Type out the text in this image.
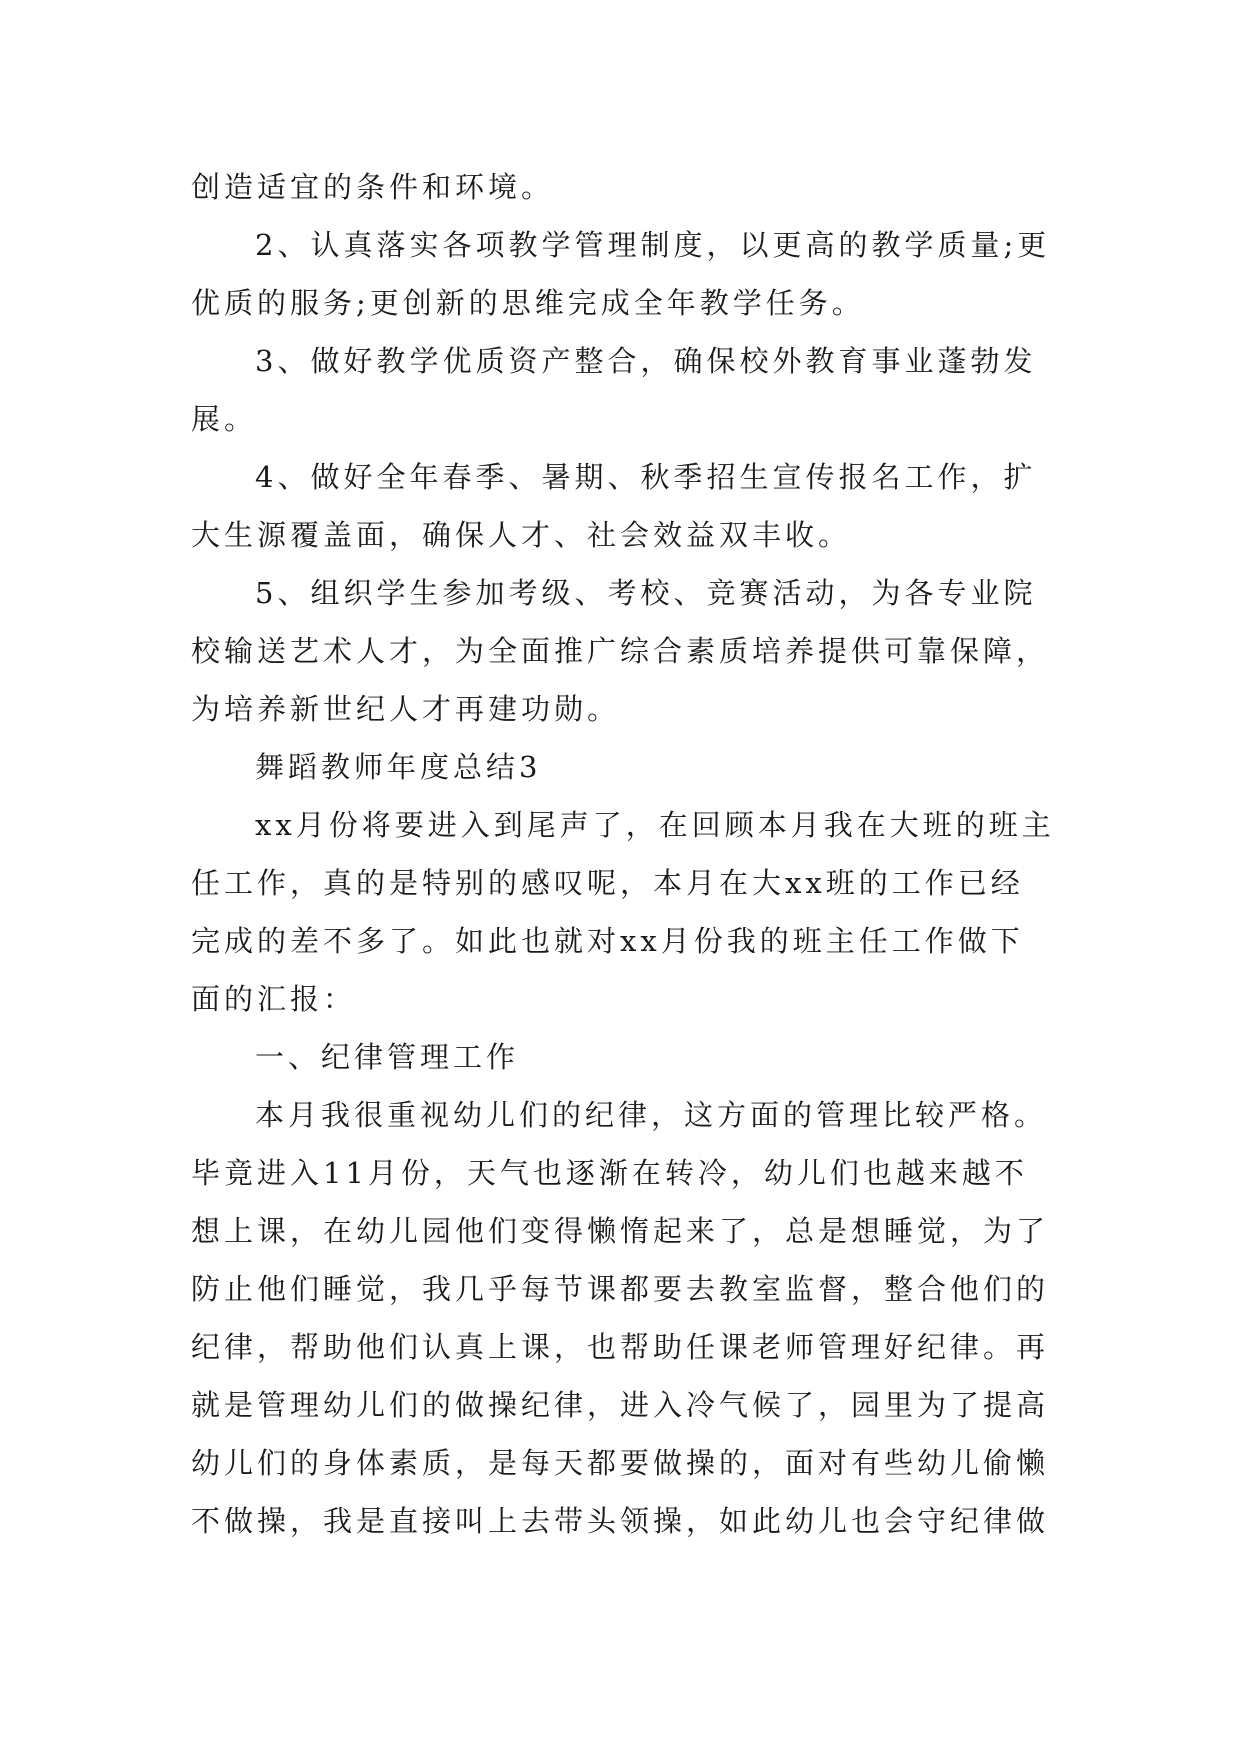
创造适宜的条件和环境。
2、认真落实各项教学管理制度，以更高的教学质量;更
优质的服务;更创新的思维完成全年教学任务。
3、做好教学优质资产整合，确保校外教育事业蓬勃发
展。
4、做好全年春季、暑期、秋季招生宣传报名工作，扩
大生源覆盖面，确保人才、社会效益双丰收。
5、组织学生参加考级、考校、竞赛活动，为各专业院
校输送艺术人才，为全面推广综合素质培养提供可靠保障，
为培养新世纪人才再建功勋。
舞蹈教师年度总结3
xx月份将要进入到尾声了，在回顾本月我在大班的班主
任工作，真的是特别的感叹呢，本月在大xx班的工作已经
完成的差不多了。如此也就对xx月份我的班主任工作做下
面的汇报：
一、纪律管理工作
本月我很重视幼儿们的纪律，这方面的管理比较严格。
毕竟进入11月份，天气也逐渐在转冷，幼儿们也越来越不
想上课，在幼儿园他们变得懒惰起来了，总是想睡觉，为了
防止他们睡觉，我几乎每节课都要去教室监督，整合他们的
纪律，帮助他们认真上课，也帮助任课老师管理好纪律。再
就是管理幼儿们的做操纪律，进入冷气候了，园里为了提高
幼儿们的身体素质，是每天都要做操的，面对有些幼儿偷懒
不做操，我是直接叫上去带头领操，如此幼儿也会守纪律做
